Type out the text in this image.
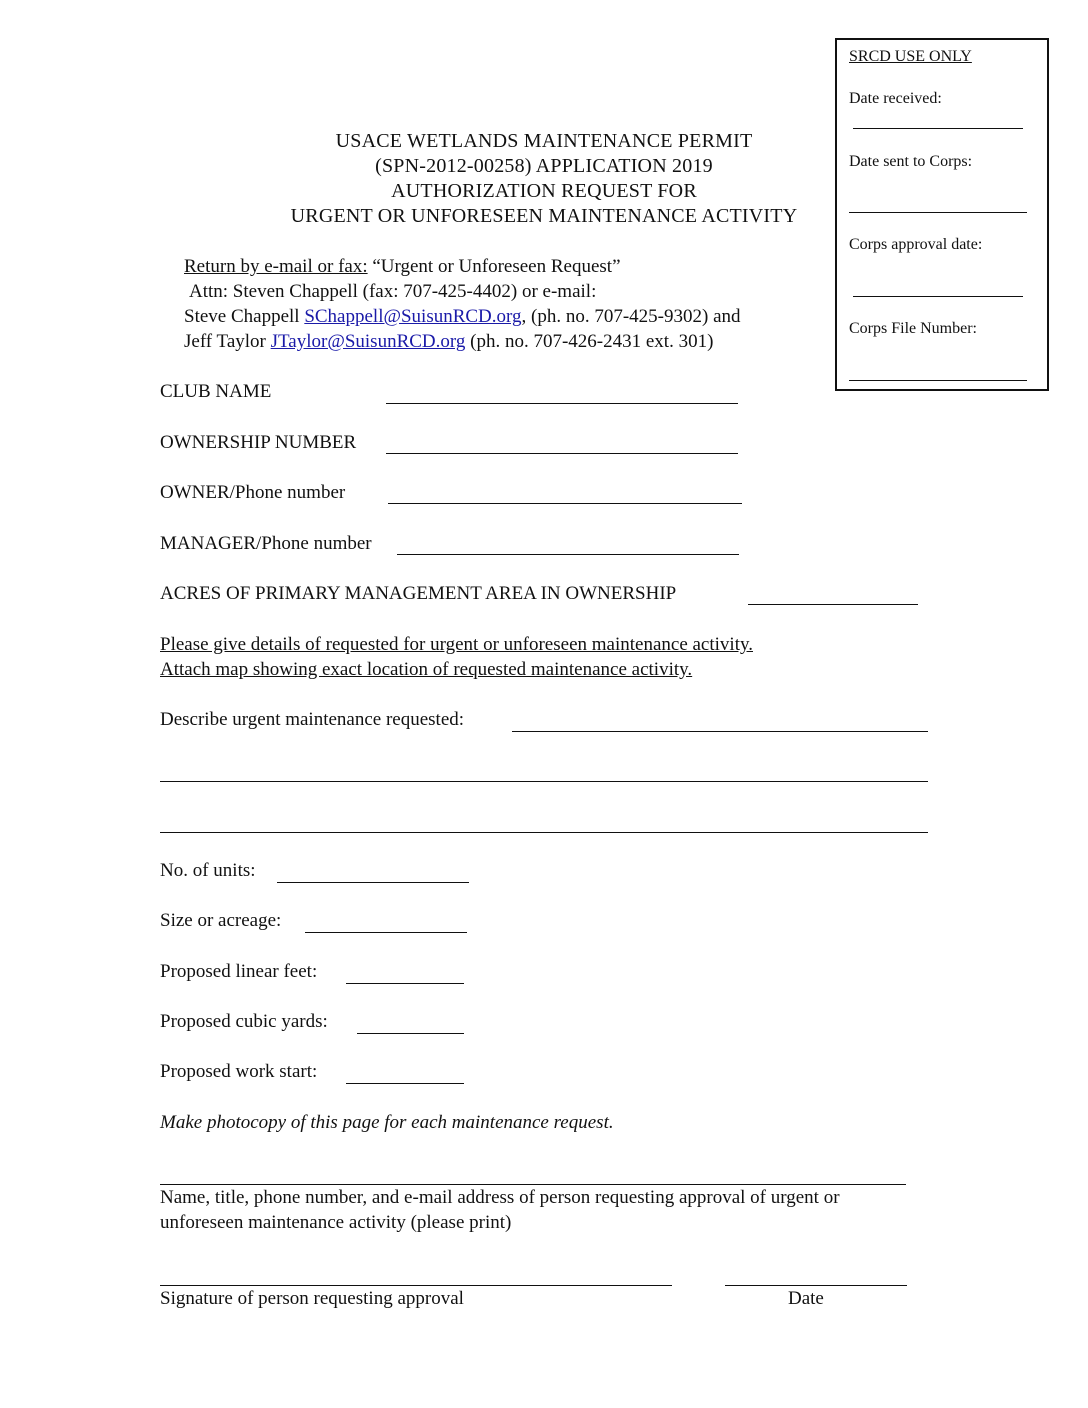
SRCD USE ONLY
Date received:
Date sent to Corps:
Corps approval date:
Corps File Number:
USACE WETLANDS MAINTENANCE PERMIT
(SPN-2012-00258) APPLICATION 2019
AUTHORIZATION REQUEST FOR
URGENT OR UNFORESEEN MAINTENANCE ACTIVITY
Return by e-mail or fax: “Urgent or Unforeseen Request”
Attn: Steven Chappell (fax: 707-425-4402) or e-mail:
Steve Chappell SChappell@SuisunRCD.org, (ph. no. 707-425-9302) and
Jeff Taylor JTaylor@SuisunRCD.org (ph. no. 707-426-2431 ext. 301)
CLUB NAME
OWNERSHIP NUMBER
OWNER/Phone number
MANAGER/Phone number
ACRES OF PRIMARY MANAGEMENT AREA IN OWNERSHIP
Please give details of requested for urgent or unforeseen maintenance activity.
Attach map showing exact location of requested maintenance activity.
Describe urgent maintenance requested:
No. of units:
Size or acreage:
Proposed linear feet:
Proposed cubic yards:
Proposed work start:
Make photocopy of this page for each maintenance request.
Name, title, phone number, and e-mail address of person requesting approval of urgent or
unforeseen maintenance activity (please print)
Signature of person requesting approval	Date
